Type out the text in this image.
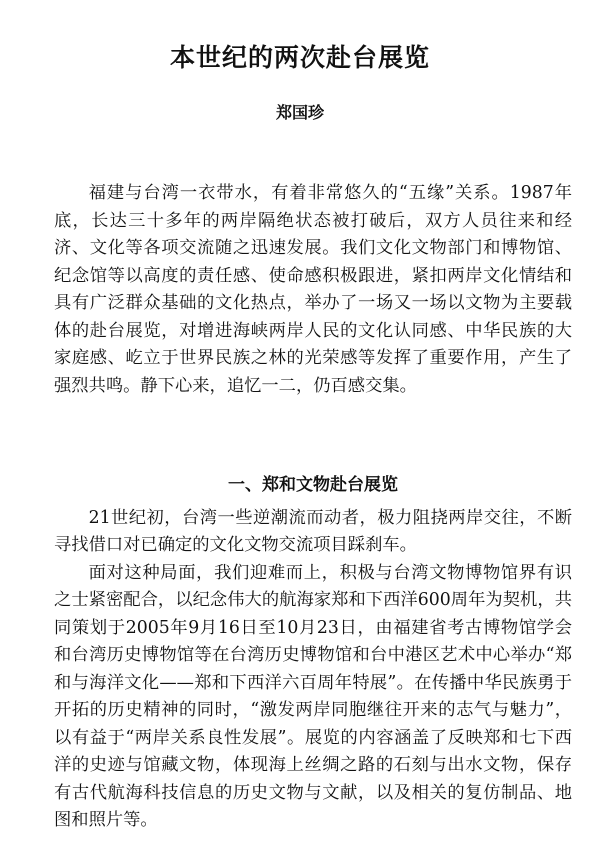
本世纪的两次赴台展览
郑国珍

福建与台湾一衣带水，有着非常悠久的“五缘”关系。1987年底，长达三十多年的两岸隔绝状态被打破后，双方人员往来和经济、文化等各项交流随之迅速发展。我们文化文物部门和博物馆、纪念馆等以高度的责任感、使命感积极跟进，紧扣两岸文化情结和具有广泛群众基础的文化热点，举办了一场又一场以文物为主要载体的赴台展览，对增进海峡两岸人民的文化认同感、中华民族的大家庭感、屹立于世界民族之林的光荣感等发挥了重要作用，产生了强烈共鸣。静下心来，追忆一二，仍百感交集。

一、郑和文物赴台展览

21世纪初，台湾一些逆潮流而动者，极力阻挠两岸交往，不断寻找借口对已确定的文化文物交流项目踩刹车。

面对这种局面，我们迎难而上，积极与台湾文物博物馆界有识之士紧密配合，以纪念伟大的航海家郑和下西洋600周年为契机，共同策划于2005年9月16日至10月23日，由福建省考古博物馆学会和台湾历史博物馆等在台湾历史博物馆和台中港区艺术中心举办“郑和与海洋文化——郑和下西洋六百周年特展”。在传播中华民族勇于开拓的历史精神的同时，“激发两岸同胞继往开来的志气与魅力”，以有益于“两岸关系良性发展”。展览的内容涵盖了反映郑和七下西洋的史迹与馆藏文物，体现海上丝绸之路的石刻与出水文物，保存有古代航海科技信息的历史文物与文献，以及相关的复仿制品、地图和照片等。
